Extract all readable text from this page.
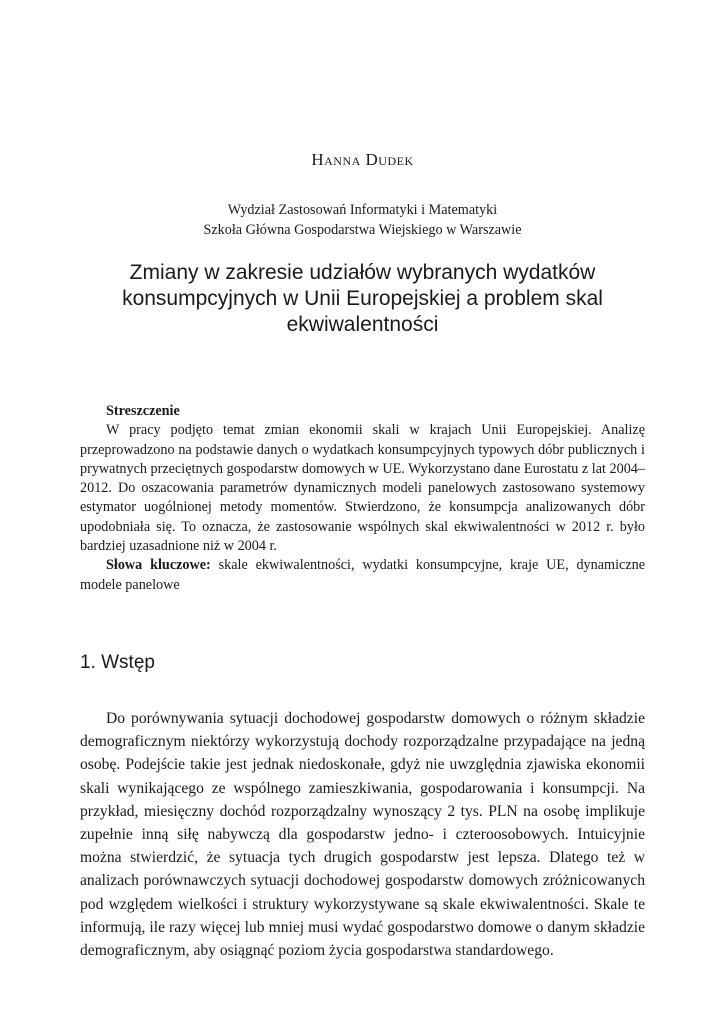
Hanna Dudek
Wydział Zastosowań Informatyki i Matematyki
Szkoła Główna Gospodarstwa Wiejskiego w Warszawie
Zmiany w zakresie udziałów wybranych wydatków konsumpcyjnych w Unii Europejskiej a problem skal ekwiwalentności
Streszczenie

W pracy podjęto temat zmian ekonomii skali w krajach Unii Europejskiej. Analizę przeprowadzono na podstawie danych o wydatkach konsumpcyjnych typowych dóbr publicznych i prywatnych przeciętnych gospodarstw domowych w UE. Wykorzystano dane Eurostatu z lat 2004–2012. Do oszacowania parametrów dynamicznych modeli panelowych zastosowano systemowy estymator uogólnionej metody momentów. Stwierdzono, że konsumpcja analizowanych dóbr upodobniała się. To oznacza, że zastosowanie wspólnych skal ekwiwalentności w 2012 r. było bardziej uzasadnione niż w 2004 r.

Słowa kluczowe: skale ekwiwalentności, wydatki konsumpcyjne, kraje UE, dynamiczne modele panelowe

1. Wstęp

Do porównywania sytuacji dochodowej gospodarstw domowych o różnym składzie demograficznym niektórzy wykorzystują dochody rozporządzalne przypadające na jedną osobę. Podejście takie jest jednak niedoskonałe, gdyż nie uwzględnia zjawiska ekonomii skali wynikającego ze wspólnego zamieszkiwania, gospodarowania i konsumpcji. Na przykład, miesięczny dochód rozporządzalny wynoszący 2 tys. PLN na osobę implikuje zupełnie inną siłę nabywczą dla gospodarstw jedno- i czteroosobowych. Intuicyjnie można stwierdzić, że sytuacja tych drugich gospodarstw jest lepsza. Dlatego też w analizach porównawczych sytuacji dochodowej gospodarstw domowych zróżnicowanych pod względem wielkości i struktury wykorzystywane są skale ekwiwalentności. Skale te informują, ile razy więcej lub mniej musi wydać gospodarstwo domowe o danym składzie demograficznym, aby osiągnąć poziom życia gospodarstwa standardowego.
